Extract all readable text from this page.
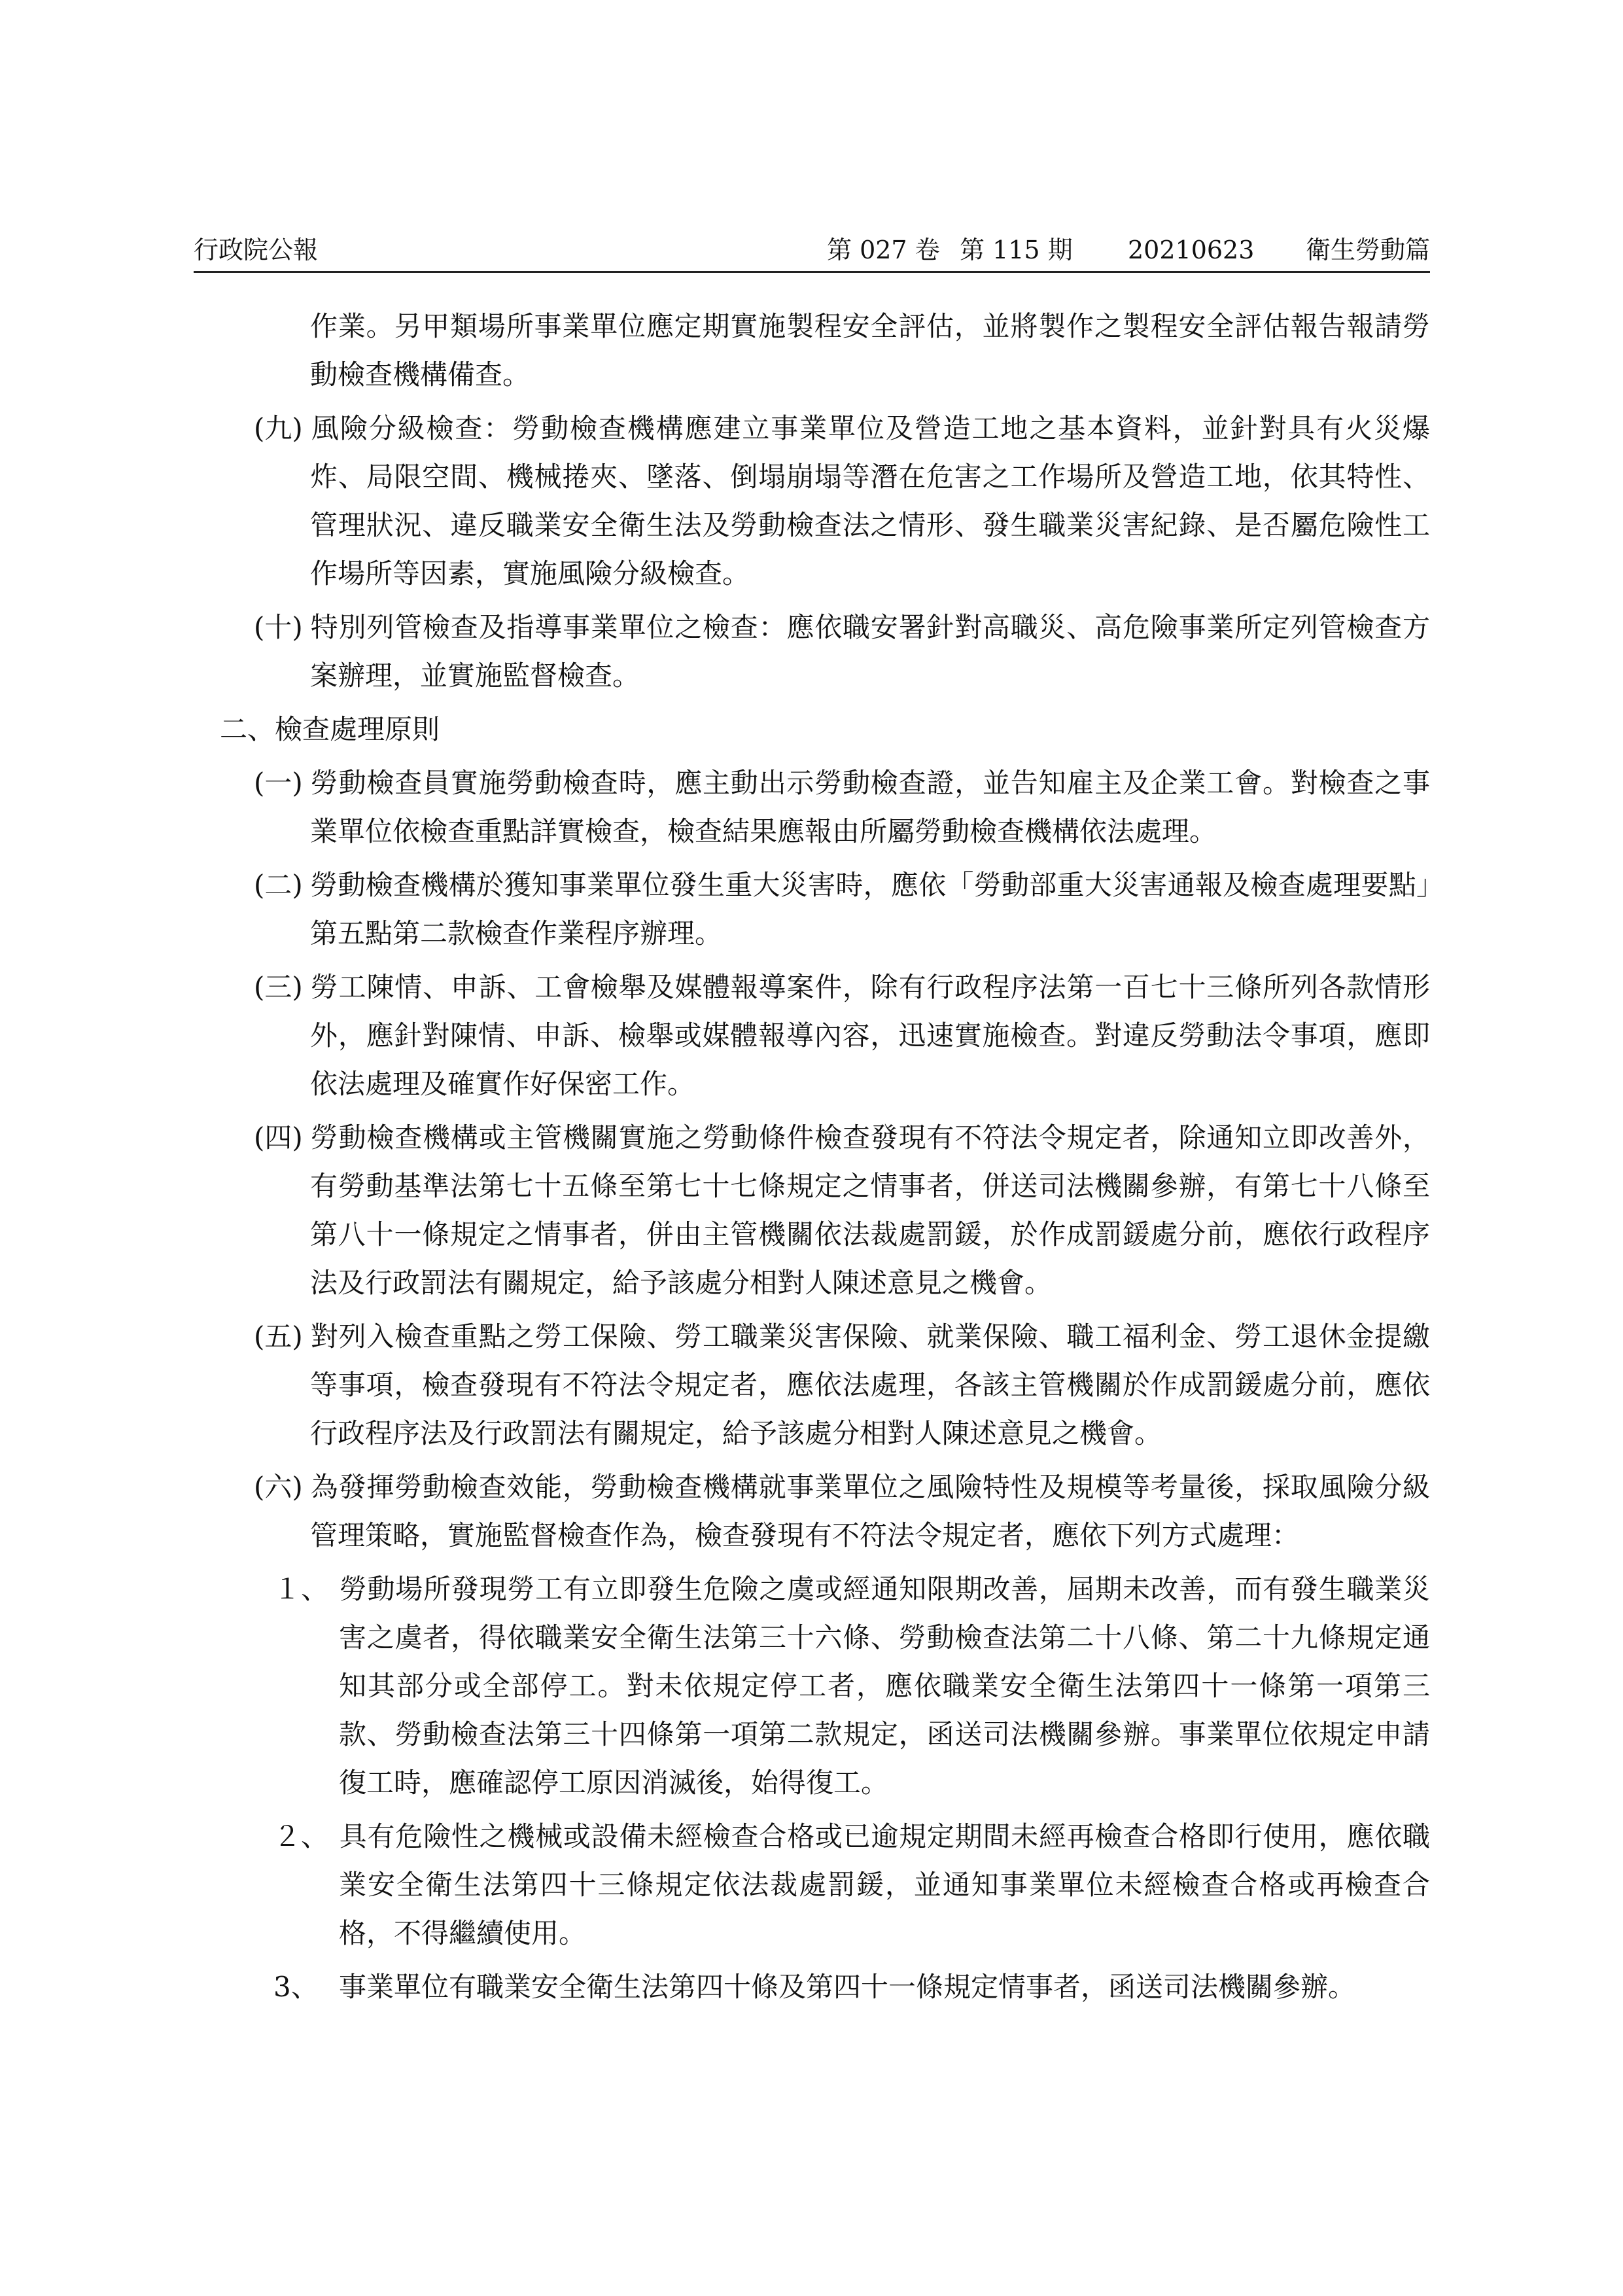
行政院公報	第 027 卷 第 115 期 20210623 衛生勞動篇

作業。另甲類場所事業單位應定期實施製程安全評估，並將製作之製程安全評估報告報請勞動檢查機構備查。

(九) 風險分級檢查：勞動檢查機構應建立事業單位及營造工地之基本資料，並針對具有火災爆炸、局限空間、機械捲夾、墜落、倒塌崩塌等潛在危害之工作場所及營造工地，依其特性、管理狀況、違反職業安全衛生法及勞動檢查法之情形、發生職業災害紀錄、是否屬危險性工作場所等因素，實施風險分級檢查。

(十) 特別列管檢查及指導事業單位之檢查：應依職安署針對高職災、高危險事業所定列管檢查方案辦理，並實施監督檢查。

二、檢查處理原則

(一) 勞動檢查員實施勞動檢查時，應主動出示勞動檢查證，並告知雇主及企業工會。對檢查之事業單位依檢查重點詳實檢查，檢查結果應報由所屬勞動檢查機構依法處理。

(二) 勞動檢查機構於獲知事業單位發生重大災害時，應依「勞動部重大災害通報及檢查處理要點」第五點第二款檢查作業程序辦理。

(三) 勞工陳情、申訴、工會檢舉及媒體報導案件，除有行政程序法第一百七十三條所列各款情形外，應針對陳情、申訴、檢舉或媒體報導內容，迅速實施檢查。對違反勞動法令事項，應即依法處理及確實作好保密工作。

(四) 勞動檢查機構或主管機關實施之勞動條件檢查發現有不符法令規定者，除通知立即改善外，有勞動基準法第七十五條至第七十七條規定之情事者，併送司法機關參辦，有第七十八條至第八十一條規定之情事者，併由主管機關依法裁處罰鍰，於作成罰鍰處分前，應依行政程序法及行政罰法有關規定，給予該處分相對人陳述意見之機會。

(五) 對列入檢查重點之勞工保險、勞工職業災害保險、就業保險、職工福利金、勞工退休金提繳等事項，檢查發現有不符法令規定者，應依法處理，各該主管機關於作成罰鍰處分前，應依行政程序法及行政罰法有關規定，給予該處分相對人陳述意見之機會。

(六) 為發揮勞動檢查效能，勞動檢查機構就事業單位之風險特性及規模等考量後，採取風險分級管理策略，實施監督檢查作為，檢查發現有不符法令規定者，應依下列方式處理：

１、 勞動場所發現勞工有立即發生危險之虞或經通知限期改善，屆期未改善，而有發生職業災害之虞者，得依職業安全衛生法第三十六條、勞動檢查法第二十八條、第二十九條規定通知其部分或全部停工。對未依規定停工者，應依職業安全衛生法第四十一條第一項第三款、勞動檢查法第三十四條第一項第二款規定，函送司法機關參辦。事業單位依規定申請復工時，應確認停工原因消滅後，始得復工。

２、 具有危險性之機械或設備未經檢查合格或已逾規定期間未經再檢查合格即行使用，應依職業安全衛生法第四十三條規定依法裁處罰鍰，並通知事業單位未經檢查合格或再檢查合格，不得繼續使用。

3、 事業單位有職業安全衛生法第四十條及第四十一條規定情事者，函送司法機關參辦。
